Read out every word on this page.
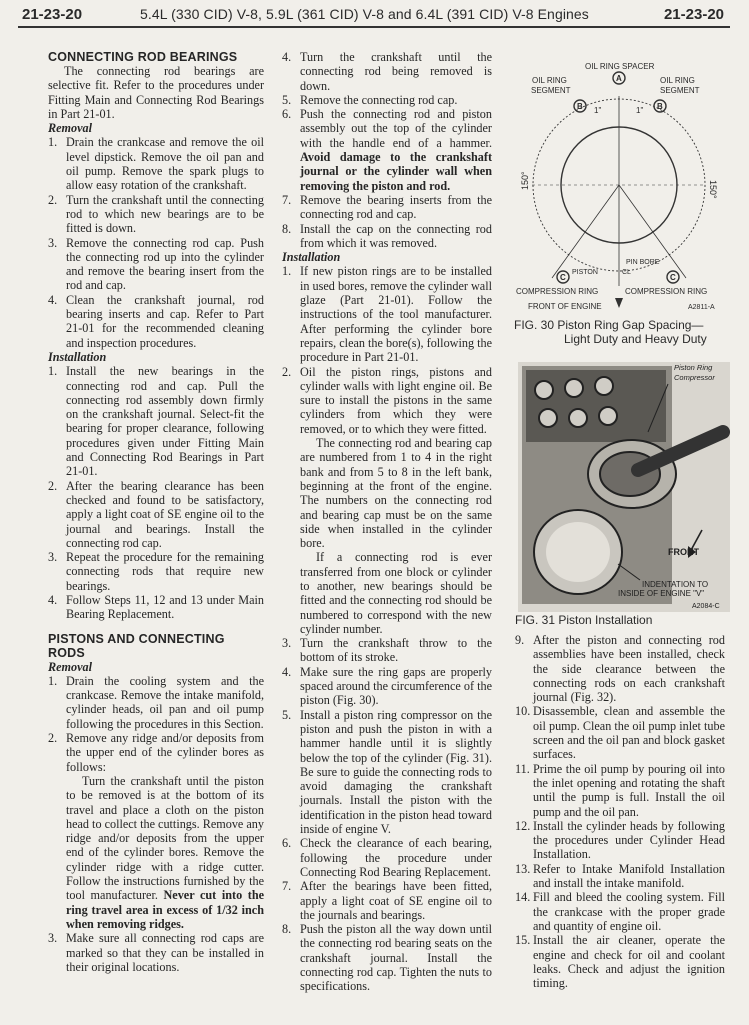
21-23-20	5.4L (330 CID) V-8, 5.9L (361 CID) V-8 and 6.4L (391 CID) V-8 Engines	21-23-20

CONNECTING ROD BEARINGS

The connecting rod bearings are selective fit. Refer to the procedures under Fitting Main and Connecting Rod Bearings in Part 21-01.

Removal

1. Drain the crankcase and remove the oil level dipstick. Remove the oil pan and oil pump. Remove the spark plugs to allow easy rotation of the crankshaft.
2. Turn the crankshaft until the connecting rod to which new bearings are to be fitted is down.
3. Remove the connecting rod cap. Push the connecting rod up into the cylinder and remove the bearing insert from the rod and cap.
4. Clean the crankshaft journal, rod bearing inserts and cap. Refer to Part 21-01 for the recommended cleaning and inspection procedures.

Installation

1. Install the new bearings in the connecting rod and cap. Pull the connecting rod assembly down firmly on the crankshaft journal. Select-fit the bearing for proper clearance, following procedures given under Fitting Main and Connecting Rod Bearings in Part 21-01.
2. After the bearing clearance has been checked and found to be satisfactory, apply a light coat of SE engine oil to the journal and bearings. Install the connecting rod cap.
3. Repeat the procedure for the remaining connecting rods that require new bearings.
4. Follow Steps 11, 12 and 13 under Main Bearing Replacement.

PISTONS AND CONNECTING
RODS

Removal

1. Drain the cooling system and the crankcase. Remove the intake manifold, cylinder heads, oil pan and oil pump following the procedures in this Section.
2. Remove any ridge and/or deposits from the upper end of the cylinder bores as follows:
Turn the crankshaft until the piston to be removed is at the bottom of its travel and place a cloth on the piston head to collect the cuttings. Remove any ridge and/or deposits from the upper end of the cylinder bores. Remove the cylinder ridge with a ridge cutter. Follow the instructions furnished by the tool manufacturer. Never cut into the ring travel area in excess of 1/32 inch when removing ridges.
3. Make sure all connecting rod caps are marked so that they can be installed in their original locations.
4. Turn the crankshaft until the connecting rod being removed is down.
5. Remove the connecting rod cap.
6. Push the connecting rod and piston assembly out the top of the cylinder with the handle end of a hammer. Avoid damage to the crankshaft journal or the cylinder wall when removing the piston and rod.
7. Remove the bearing inserts from the connecting rod and cap.
8. Install the cap on the connecting rod from which it was removed.

Installation

1. If new piston rings are to be installed in used bores, remove the cylinder wall glaze (Part 21-01). Follow the instructions of the tool manufacturer. After performing the cylinder bore repairs, clean the bore(s), following the procedure in Part 21-01.
2. Oil the piston rings, pistons and cylinder walls with light engine oil. Be sure to install the pistons in the same cylinders from which they were removed, or to which they were fitted.
The connecting rod and bearing cap are numbered from 1 to 4 in the right bank and from 5 to 8 in the left bank, beginning at the front of the engine. The numbers on the connecting rod and bearing cap must be on the same side when installed in the cylinder bore.
If a connecting rod is ever transferred from one block or cylinder to another, new bearings should be fitted and the connecting rod should be numbered to correspond with the new cylinder number.
3. Turn the crankshaft throw to the bottom of its stroke.
4. Make sure the ring gaps are properly spaced around the circumference of the piston (Fig. 30).
5. Install a piston ring compressor on the piston and push the piston in with a hammer handle until it is slightly below the top of the cylinder (Fig. 31). Be sure to guide the connecting rods to avoid damaging the crankshaft journals. Install the piston with the identification in the piston head toward inside of engine V.
6. Check the clearance of each bearing, following the procedure under Connecting Rod Bearing Replacement.
7. After the bearings have been fitted, apply a light coat of SE engine oil to the journals and bearings.
8. Push the piston all the way down until the connecting rod bearing seats on the crankshaft journal. Install the connecting rod cap. Tighten the nuts to specifications.
OIL RING SPACER
OIL RING
SEGMENT
OIL RING
SEGMENT
A
B	B
C	C
1"	1"
150°	150°
PIN BORE
PISTON	CL
COMPRESSION RING	COMPRESSION RING
FRONT OF ENGINE	A2811-A
FIG. 30 Piston Ring Gap Spacing—
Light Duty and Heavy Duty
Piston Ring
Compressor
FRONT
INDENTATION TO
INSIDE OF ENGINE "V"
A2084-C
FIG. 31 Piston Installation
9. After the piston and connecting rod assemblies have been installed, check the side clearance between the connecting rods on each crankshaft journal (Fig. 32).
10. Disassemble, clean and assemble the oil pump. Clean the oil pump inlet tube screen and the oil pan and block gasket surfaces.
11. Prime the oil pump by pouring oil into the inlet opening and rotating the shaft until the pump is full. Install the oil pump and the oil pan.
12. Install the cylinder heads by following the procedures under Cylinder Head Installation.
13. Refer to Intake Manifold Installation and install the intake manifold.
14. Fill and bleed the cooling system. Fill the crankcase with the proper grade and quantity of engine oil.
15. Install the air cleaner, operate the engine and check for oil and coolant leaks. Check and adjust the ignition timing.
